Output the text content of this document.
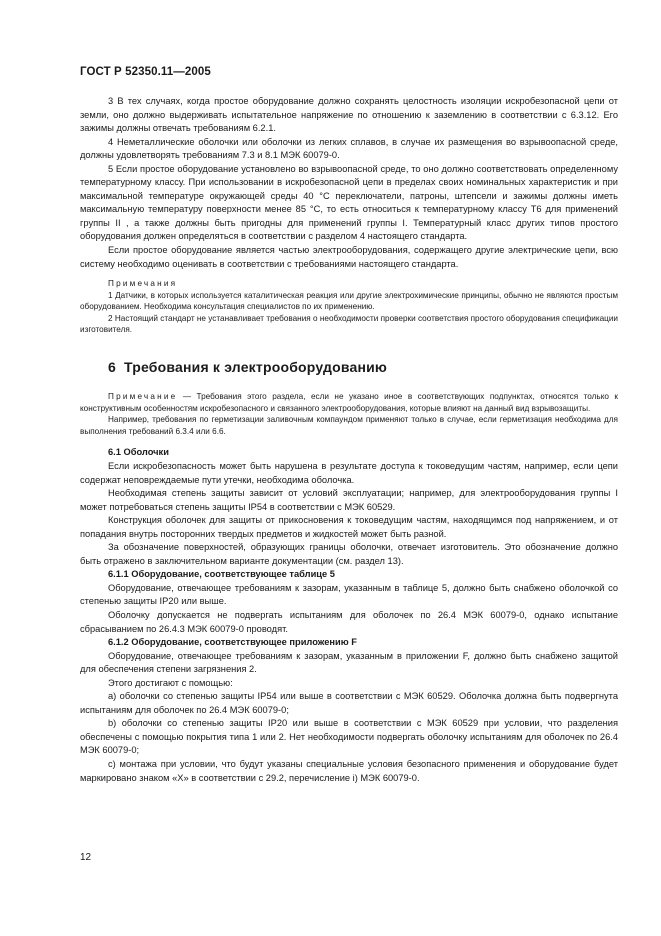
ГОСТ Р 52350.11—2005

3 В тех случаях, когда простое оборудование должно сохранять целостность изоляции искробезопасной цепи от земли, оно должно выдерживать испытательное напряжение по отношению к заземлению в соответствии с 6.3.12. Его зажимы должны отвечать требованиям 6.2.1.

4 Неметаллические оболочки или оболочки из легких сплавов, в случае их размещения во взрывоопасной среде, должны удовлетворять требованиям 7.3 и 8.1 МЭК 60079-0.

5 Если простое оборудование установлено во взрывоопасной среде, то оно должно соответствовать определенному температурному классу. При использовании в искробезопасной цепи в пределах своих номинальных характеристик и при максимальной температуре окружающей среды 40 °С переключатели, патроны, штепсели и зажимы должны иметь максимальную температуру поверхности менее 85 °С, то есть относиться к температурному классу Т6 для применений группы II , а также должны быть пригодны для применений группы I. Температурный класс других типов простого оборудования должен определяться в соответствии с разделом 4 настоящего стандарта.

Если простое оборудование является частью электрооборудования, содержащего другие электрические цепи, всю систему необходимо оценивать в соответствии с требованиями настоящего стандарта.

Примечания

1 Датчики, в которых используется каталитическая реакция или другие электрохимические принципы, обычно не являются простым оборудованием. Необходима консультация специалистов по их применению.

2 Настоящий стандарт не устанавливает требования о необходимости проверки соответствия простого оборудования спецификации изготовителя.

6 Требования к электрооборудованию

Примечание — Требования этого раздела, если не указано иное в соответствующих подпунктах, относятся только к конструктивным особенностям искробезопасного и связанного электрооборудования, которые влияют на данный вид взрывозащиты.

Например, требования по герметизации заливочным компаундом применяют только в случае, если герметизация необходима для выполнения требований 6.3.4 или 6.6.

6.1 Оболочки

Если искробезопасность может быть нарушена в результате доступа к токоведущим частям, например, если цепи содержат неповреждаемые пути утечки, необходима оболочка.

Необходимая степень защиты зависит от условий эксплуатации; например, для электрооборудования группы I может потребоваться степень защиты IP54 в соответствии с МЭК 60529.

Конструкция оболочек для защиты от прикосновения к токоведущим частям, находящимся под напряжением, и от попадания внутрь посторонних твердых предметов и жидкостей может быть разной.

За обозначение поверхностей, образующих границы оболочки, отвечает изготовитель. Это обозначение должно быть отражено в заключительном варианте документации (см. раздел 13).

6.1.1 Оборудование, соответствующее таблице 5

Оборудование, отвечающее требованиям к зазорам, указанным в таблице 5, должно быть снабжено оболочкой со степенью защиты IP20 или выше.

Оболочку допускается не подвергать испытаниям для оболочек по 26.4 МЭК 60079-0, однако испытание сбрасыванием по 26.4.3 МЭК 60079-0 проводят.

6.1.2 Оборудование, соответствующее приложению F

Оборудование, отвечающее требованиям к зазорам, указанным в приложении F, должно быть снабжено защитой для обеспечения степени загрязнения 2.

Этого достигают с помощью:

а) оболочки со степенью защиты IP54 или выше в соответствии с МЭК 60529. Оболочка должна быть подвергнута испытаниям для оболочек по 26.4 МЭК 60079-0;

b) оболочки со степенью защиты IP20 или выше в соответствии с МЭК 60529 при условии, что разделения обеспечены с помощью покрытия типа 1 или 2. Нет необходимости подвергать оболочку испытаниям для оболочек по 26.4 МЭК 60079-0;

с) монтажа при условии, что будут указаны специальные условия безопасного применения и оборудование будет маркировано знаком «Х» в соответствии с 29.2, перечисление i) МЭК 60079-0.

12
